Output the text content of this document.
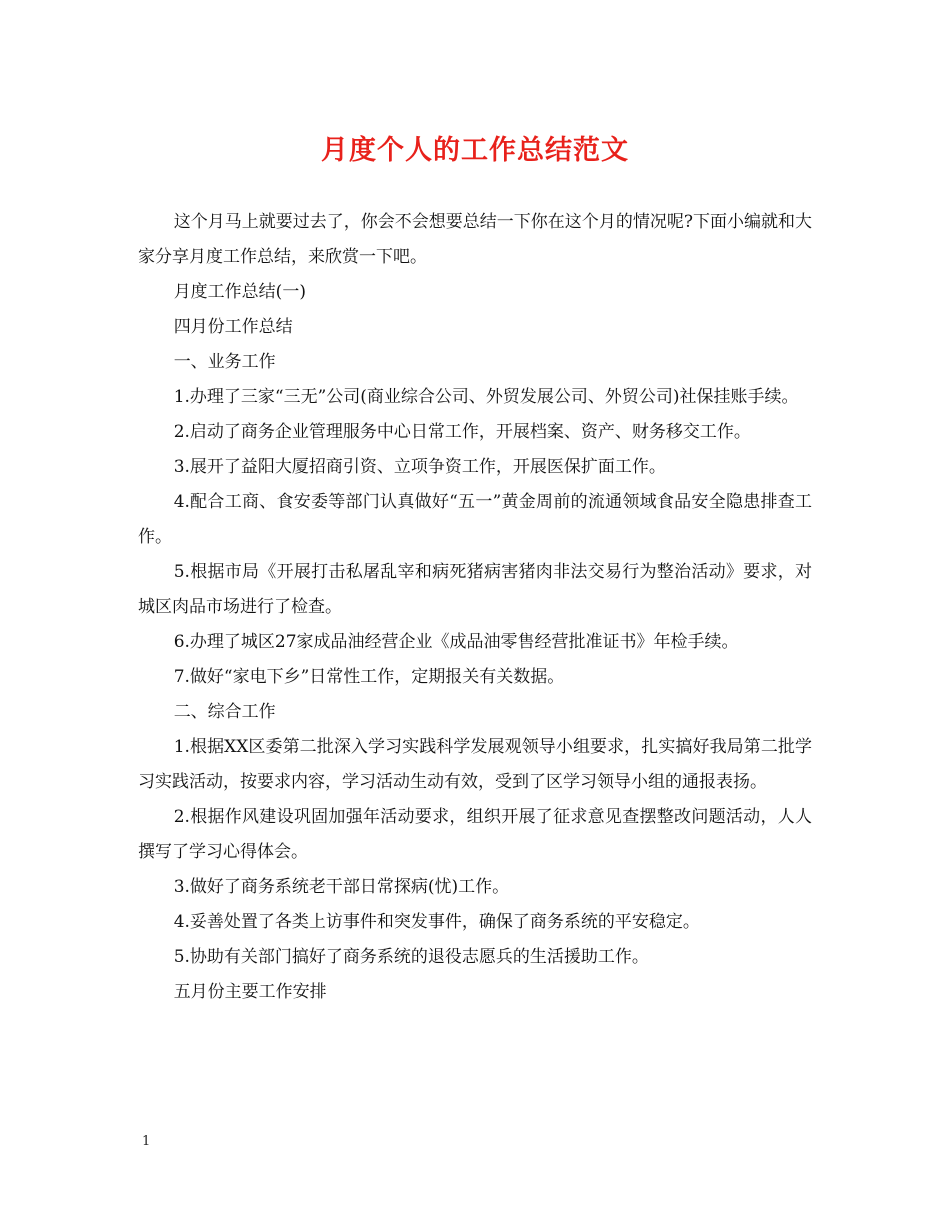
月度个人的工作总结范文

这个月马上就要过去了，你会不会想要总结一下你在这个月的情况呢?下面小编就和大家分享月度工作总结，来欣赏一下吧。

月度工作总结(一)

四月份工作总结

一、业务工作

1.办理了三家“三无”公司(商业综合公司、外贸发展公司、外贸公司)社保挂账手续。

2.启动了商务企业管理服务中心日常工作，开展档案、资产、财务移交工作。

3.展开了益阳大厦招商引资、立项争资工作，开展医保扩面工作。

4.配合工商、食安委等部门认真做好“五一”黄金周前的流通领域食品安全隐患排查工作。

5.根据市局《开展打击私屠乱宰和病死猪病害猪肉非法交易行为整治活动》要求，对城区肉品市场进行了检查。

6.办理了城区27家成品油经营企业《成品油零售经营批准证书》年检手续。

7.做好“家电下乡”日常性工作，定期报关有关数据。

二、综合工作

1.根据XX区委第二批深入学习实践科学发展观领导小组要求，扎实搞好我局第二批学习实践活动，按要求内容，学习活动生动有效，受到了区学习领导小组的通报表扬。

2.根据作风建设巩固加强年活动要求，组织开展了征求意见查摆整改问题活动，人人撰写了学习心得体会。

3.做好了商务系统老干部日常探病(忧)工作。

4.妥善处置了各类上访事件和突发事件，确保了商务系统的平安稳定。

5.协助有关部门搞好了商务系统的退役志愿兵的生活援助工作。

五月份主要工作安排

1
